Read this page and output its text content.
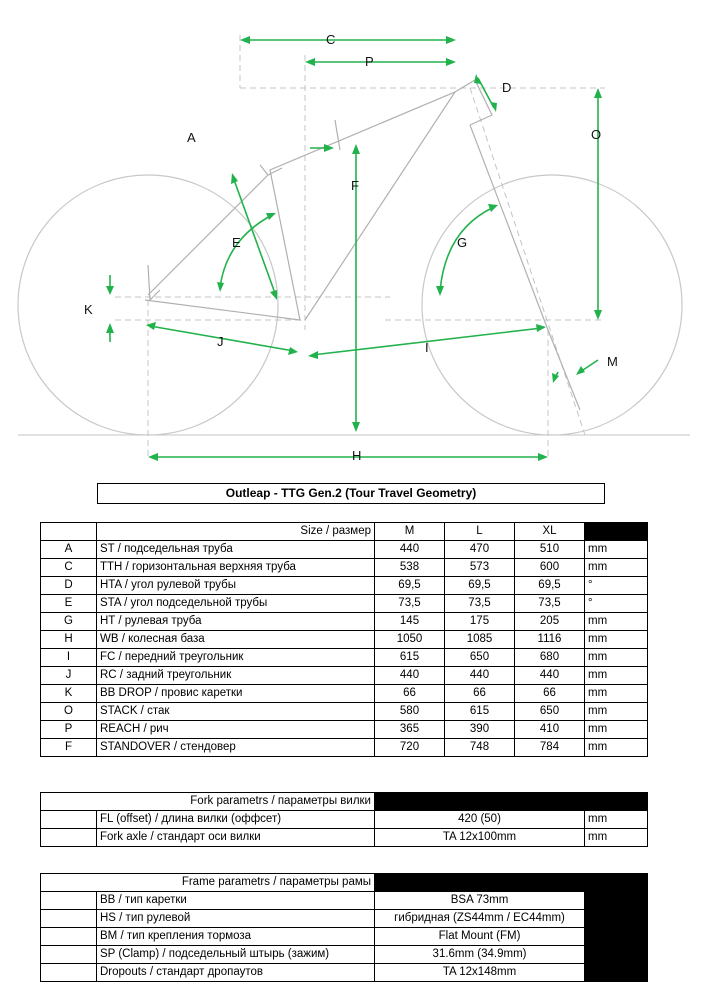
C
P
D
O
A
F
E	G
K
J	I
M
H
Outleap - TTG Gen.2 (Tour Travel Geometry)
	Size / размер	M	L	XL	
A	ST / подседельная труба	440	470	510	mm
C	TTH / горизонтальная верхняя труба	538	573	600	mm
D	HTA / угол рулевой трубы	69,5	69,5	69,5	°
E	STA / угол подседельной трубы	73,5	73,5	73,5	°
G	HT / рулевая труба	145	175	205	mm
H	WB / колесная база	1050	1085	1116	mm
I	FC / передний треугольник	615	650	680	mm
J	RC / задний треугольник	440	440	440	mm
K	BB DROP / провис каретки	66	66	66	mm
O	STACK / стак	580	615	650	mm
P	REACH / рич	365	390	410	mm
F	STANDOVER / стендовер	720	748	784	mm
Fork parametrs / параметры вилки			
	FL (offset) / длина вилки (оффсет)	420 (50)	mm
	Fork axle / стандарт оси вилки	TA 12x100mm	mm
Frame parametrs / параметры рамы			
	BB / тип каретки	BSA 73mm	
	HS / тип рулевой	гибридная (ZS44mm / EC44mm)	
	BM / тип крепления тормоза	Flat Mount (FM)	
	SP (Clamp) / подседельный штырь (зажим)	31.6mm (34.9mm)	
	Dropouts / стандарт дропаутов	TA 12x148mm	
